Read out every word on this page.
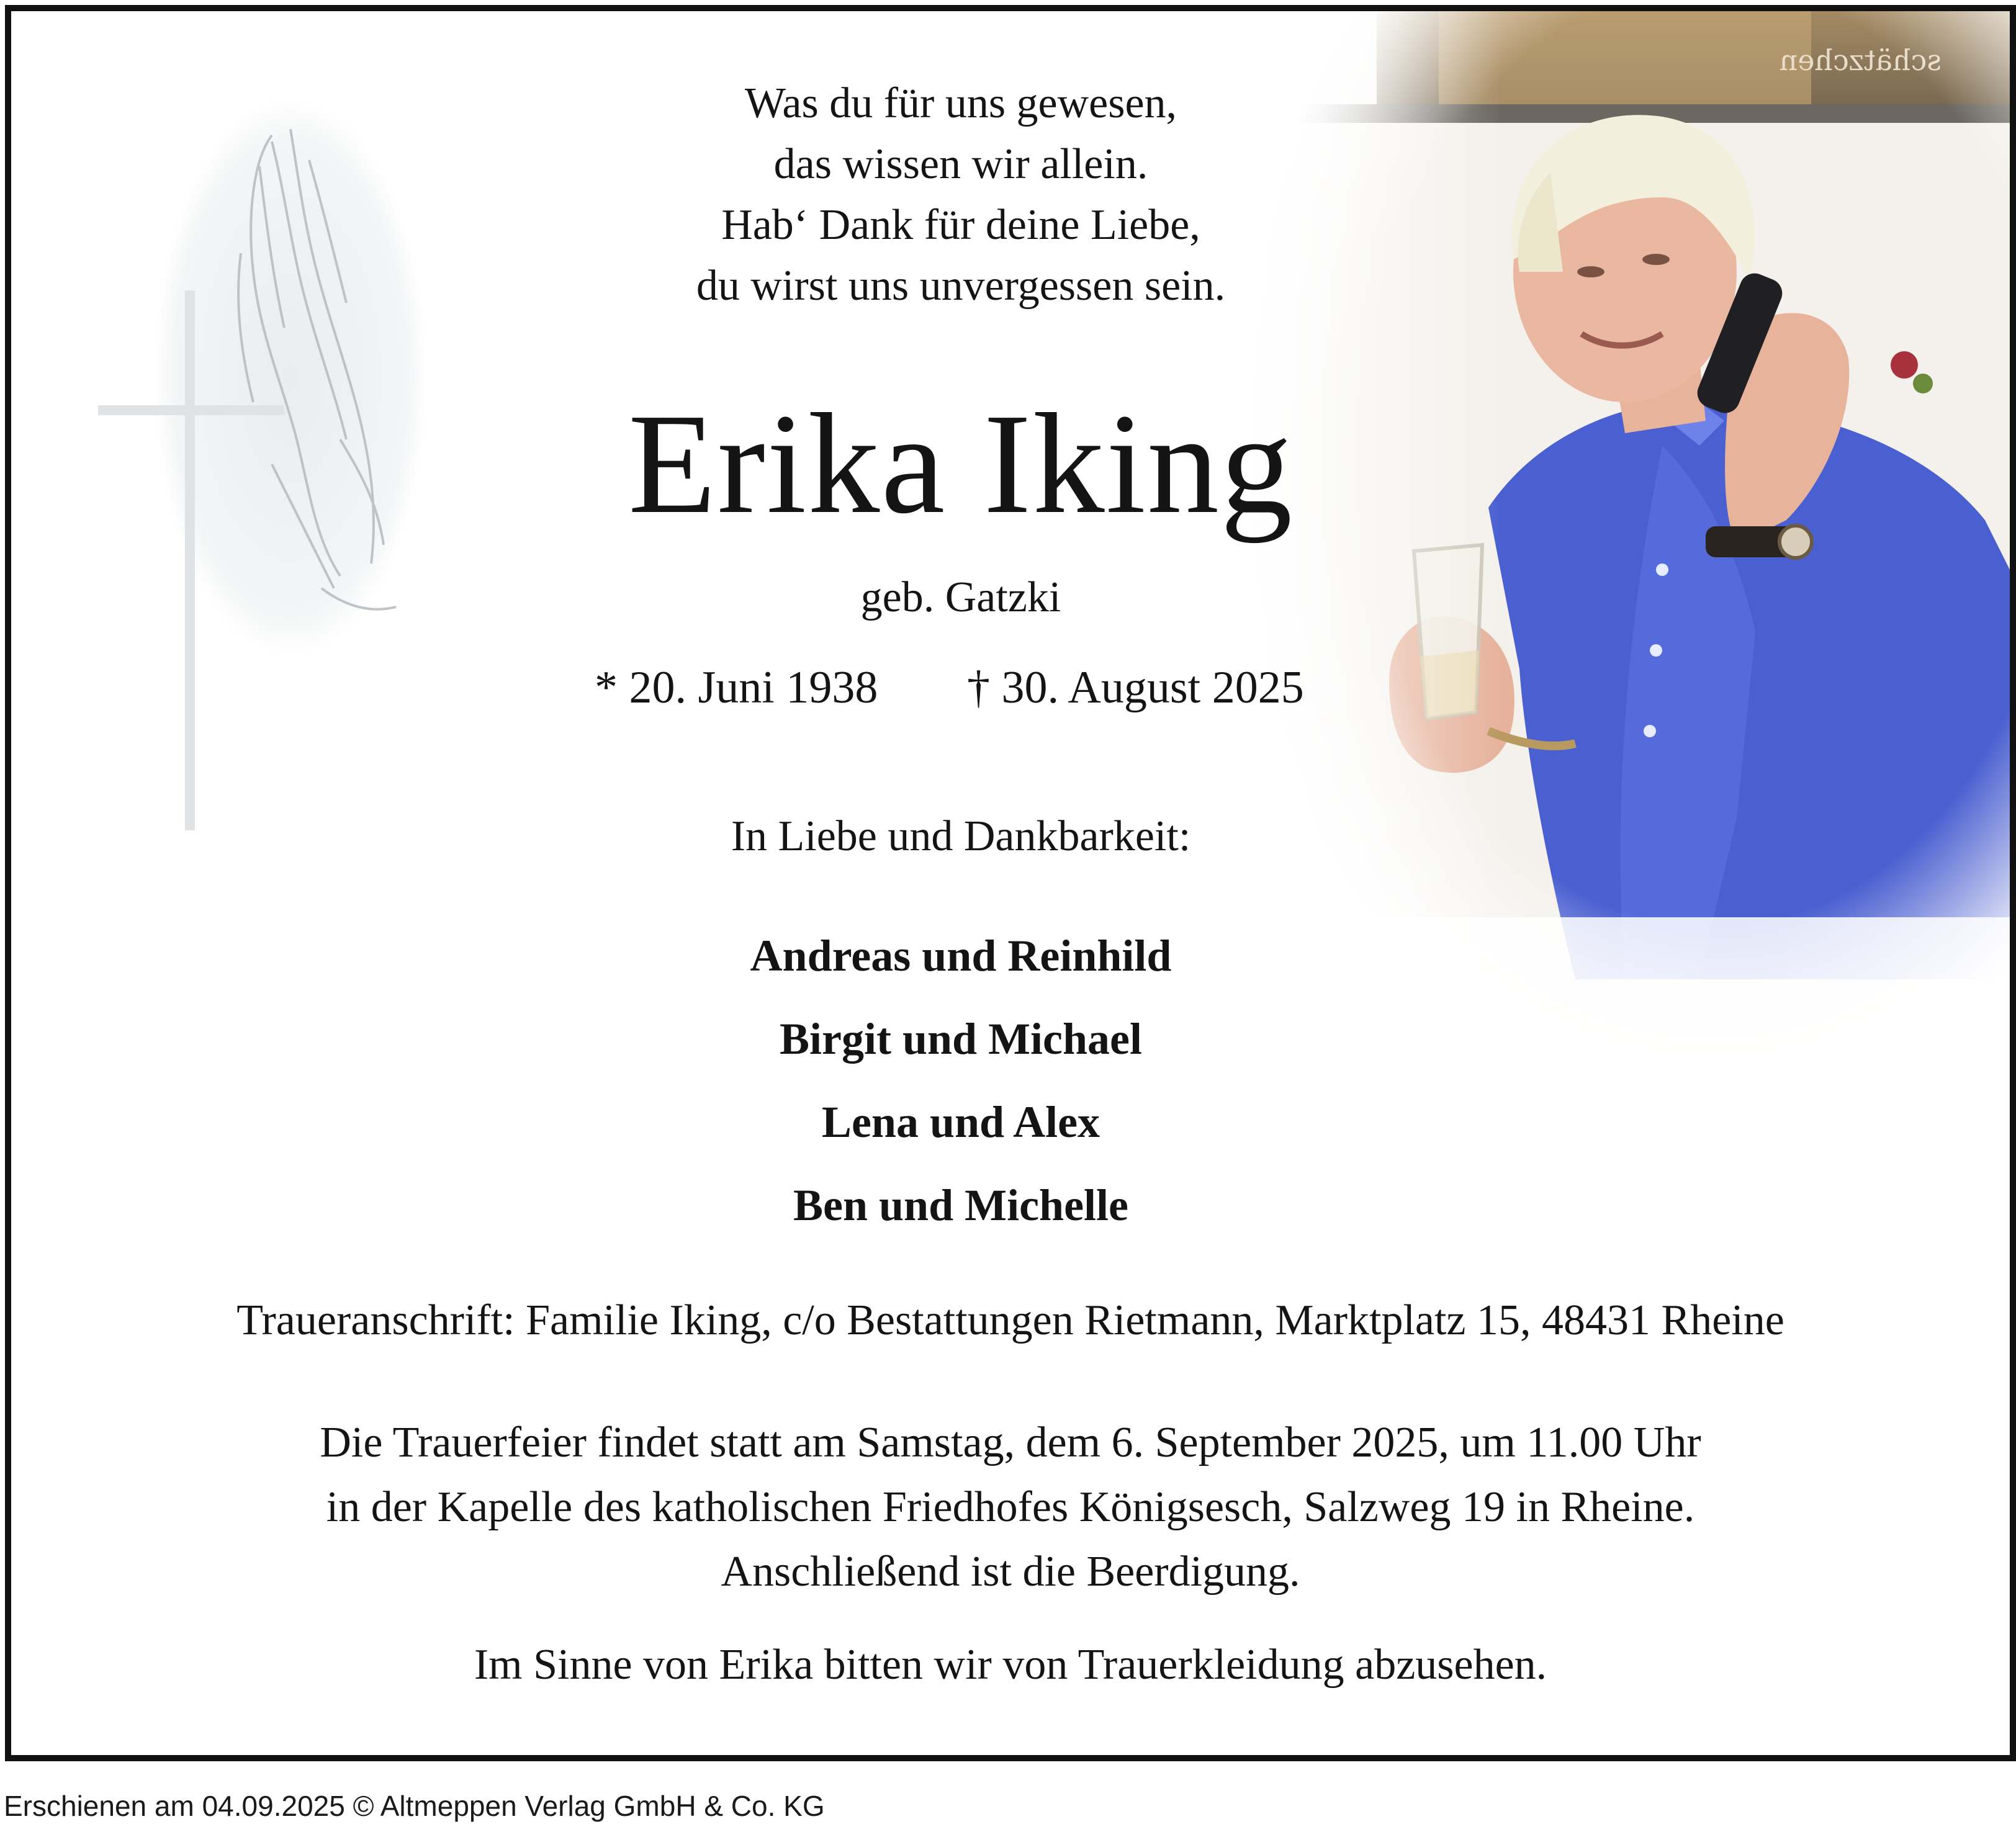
Was du für uns gewesen,
das wissen wir allein.
Hab‘ Dank für deine Liebe,
du wirst uns unvergessen sein.
Erika Iking
geb. Gatzki
* 20. Juni 1938 † 30. August 2025
In Liebe und Dankbarkeit:
Andreas und Reinhild
Birgit und Michael
Lena und Alex
Ben und Michelle
Traueranschrift: Familie Iking, c/o Bestattungen Rietmann, Marktplatz 15, 48431 Rheine
Die Trauerfeier findet statt am Samstag, dem 6. September 2025, um 11.00 Uhr
in der Kapelle des katholischen Friedhofes Königsesch, Salzweg 19 in Rheine.
Anschließend ist die Beerdigung.
Im Sinne von Erika bitten wir von Trauerkleidung abzusehen.
Erschienen am 04.09.2025 © Altmeppen Verlag GmbH & Co. KG
